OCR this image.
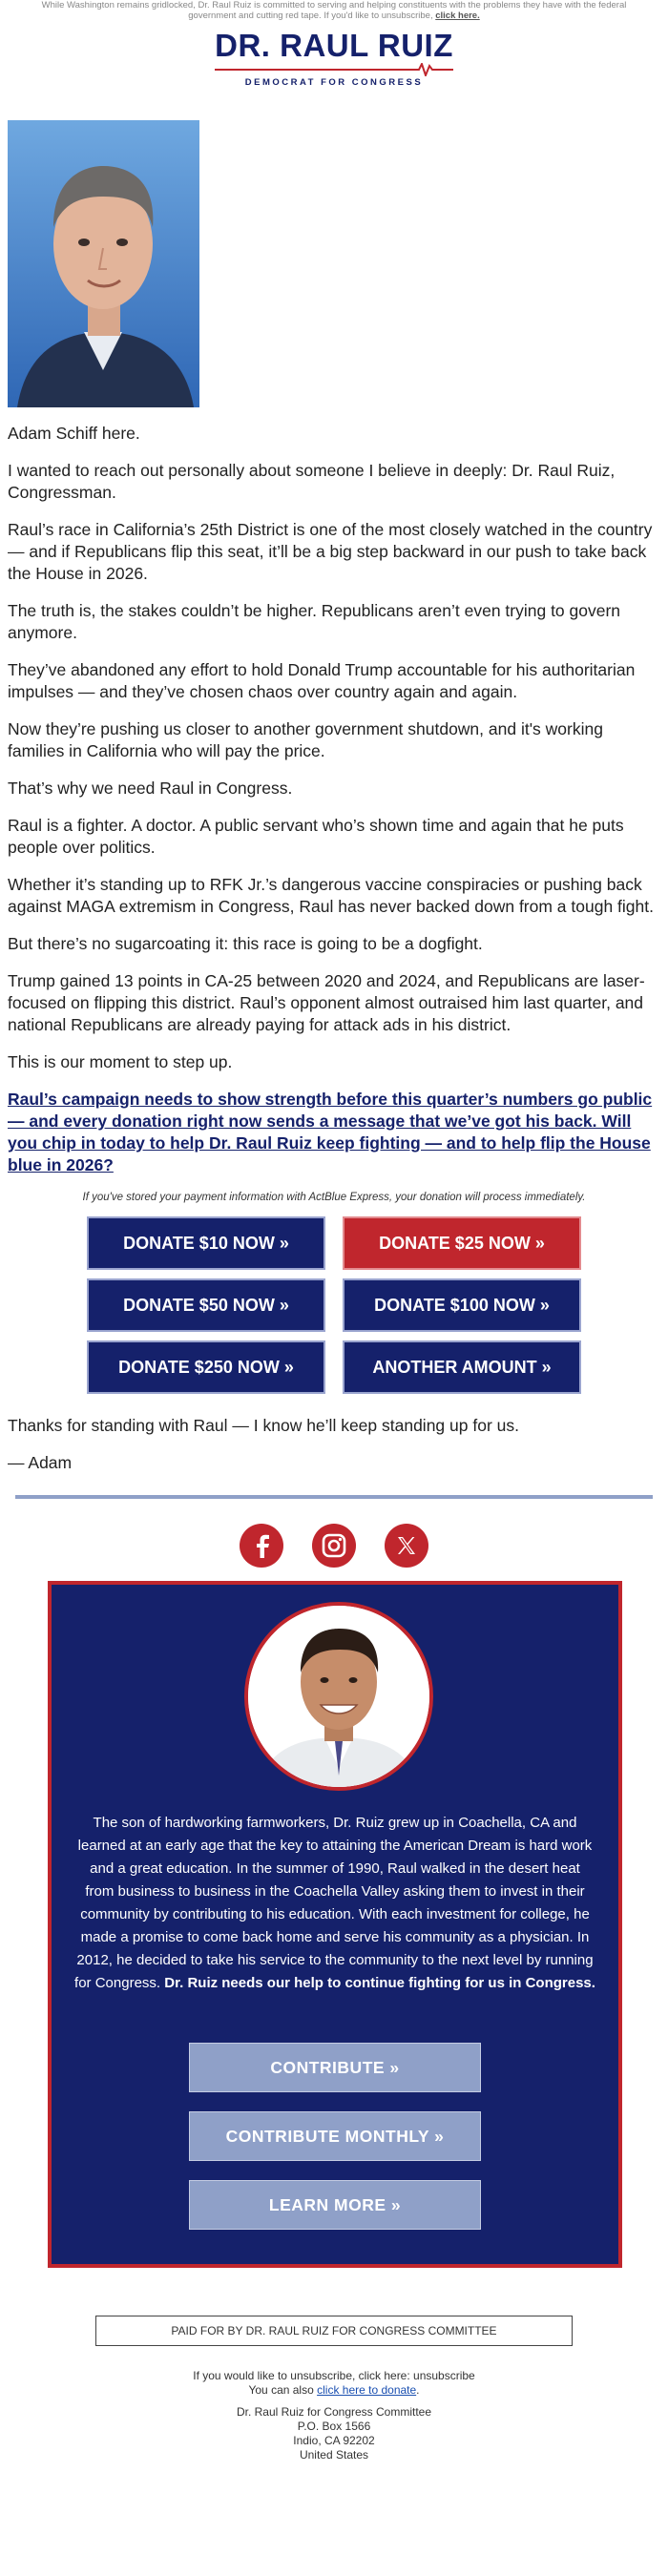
While Washington remains gridlocked, Dr. Raul Ruiz is committed to serving and helping constituents with the problems they have with the federal government and cutting red tape. If you'd like to unsubscribe, click here.

DR. RAUL RUIZ
DEMOCRAT FOR CONGRESS

Adam Schiff here.

I wanted to reach out personally about someone I believe in deeply: Dr. Raul Ruiz, Congressman.

Raul’s race in California’s 25th District is one of the most closely watched in the country — and if Republicans flip this seat, it’ll be a big step backward in our push to take back the House in 2026.

The truth is, the stakes couldn’t be higher. Republicans aren’t even trying to govern anymore.

They’ve abandoned any effort to hold Donald Trump accountable for his authoritarian impulses — and they’ve chosen chaos over country again and again.

Now they’re pushing us closer to another government shutdown, and it's working families in California who will pay the price.

That’s why we need Raul in Congress.

Raul is a fighter. A doctor. A public servant who’s shown time and again that he puts people over politics.

Whether it’s standing up to RFK Jr.’s dangerous vaccine conspiracies or pushing back against MAGA extremism in Congress, Raul has never backed down from a tough fight.

But there’s no sugarcoating it: this race is going to be a dogfight.

Trump gained 13 points in CA-25 between 2020 and 2024, and Republicans are laser-focused on flipping this district. Raul’s opponent almost outraised him last quarter, and national Republicans are already paying for attack ads in his district.

This is our moment to step up.

Raul’s campaign needs to show strength before this quarter’s numbers go public — and every donation right now sends a message that we’ve got his back. Will you chip in today to help Dr. Raul Ruiz keep fighting — and to help flip the House blue in 2026?

If you've stored your payment information with ActBlue Express, your donation will process immediately.
DONATE $10 NOW »	DONATE $25 NOW »
DONATE $50 NOW »	DONATE $100 NOW »
DONATE $250 NOW »	ANOTHER AMOUNT »

Thanks for standing with Raul — I know he’ll keep standing up for us.

— Adam

The son of hardworking farmworkers, Dr. Ruiz grew up in Coachella, CA and learned at an early age that the key to attaining the American Dream is hard work and a great education. In the summer of 1990, Raul walked in the desert heat from business to business in the Coachella Valley asking them to invest in their community by contributing to his education. With each investment for college, he made a promise to come back home and serve his community as a physician. In 2012, he decided to take his service to the community to the next level by running for Congress. Dr. Ruiz needs our help to continue fighting for us in Congress.
CONTRIBUTE »
CONTRIBUTE MONTHLY »
LEARN MORE »
PAID FOR BY DR. RAUL RUIZ FOR CONGRESS COMMITTEE
If you would like to unsubscribe, click here: unsubscribe
You can also click here to donate.
Dr. Raul Ruiz for Congress Committee
P.O. Box 1566
Indio, CA 92202
United States
